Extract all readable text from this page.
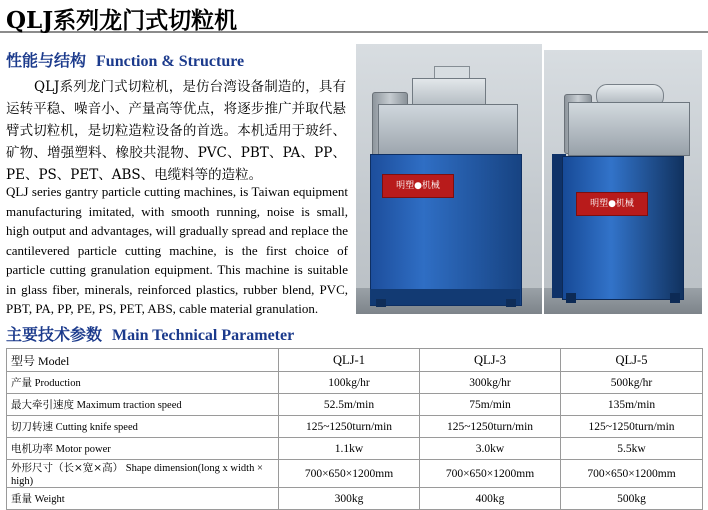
QLJ系列龙门式切粒机
性能与结构 Function & Structure
QLJ系列龙门式切粒机，是仿台湾设备制造的，具有运转平稳、噪音小、产量高等优点，将逐步推广并取代悬臂式切粒机，是切粒造粒设备的首选。本机适用于玻纤、矿物、增强塑料、橡胶共混物、PVC、PBT、PA、PP、PE、PS、PET、ABS、电缆料等的造粒。
QLJ series gantry particle cutting machines, is Taiwan equipment manufacturing imitated, with smooth running, noise is small, high output and advantages, will gradually spread and replace the cantilevered particle cutting machine, is the first choice of particle cutting granulation equipment. This machine is suitable in glass fiber, minerals, reinforced plastics, rubber blend, PVC, PBT, PA, PP, PE, PS, PET, ABS, cable material granulation.
明塑●机械
明塑●机械
主要技术参数 Main Technical Parameter
型号 Model	QLJ-1	QLJ-3	QLJ-5
产量 Production	100kg/hr	300kg/hr	500kg/hr
最大牵引速度 Maximum traction speed	52.5m/min	75m/min	135m/min
切刀转速 Cutting knife speed	125~1250turn/min	125~1250turn/min	125~1250turn/min
电机功率 Motor power	1.1kw	3.0kw	5.5kw
外形尺寸（长×宽×高） Shape dimension(long x width × high)	700×650×1200mm	700×650×1200mm	700×650×1200mm
重量 Weight	300kg	400kg	500kg
